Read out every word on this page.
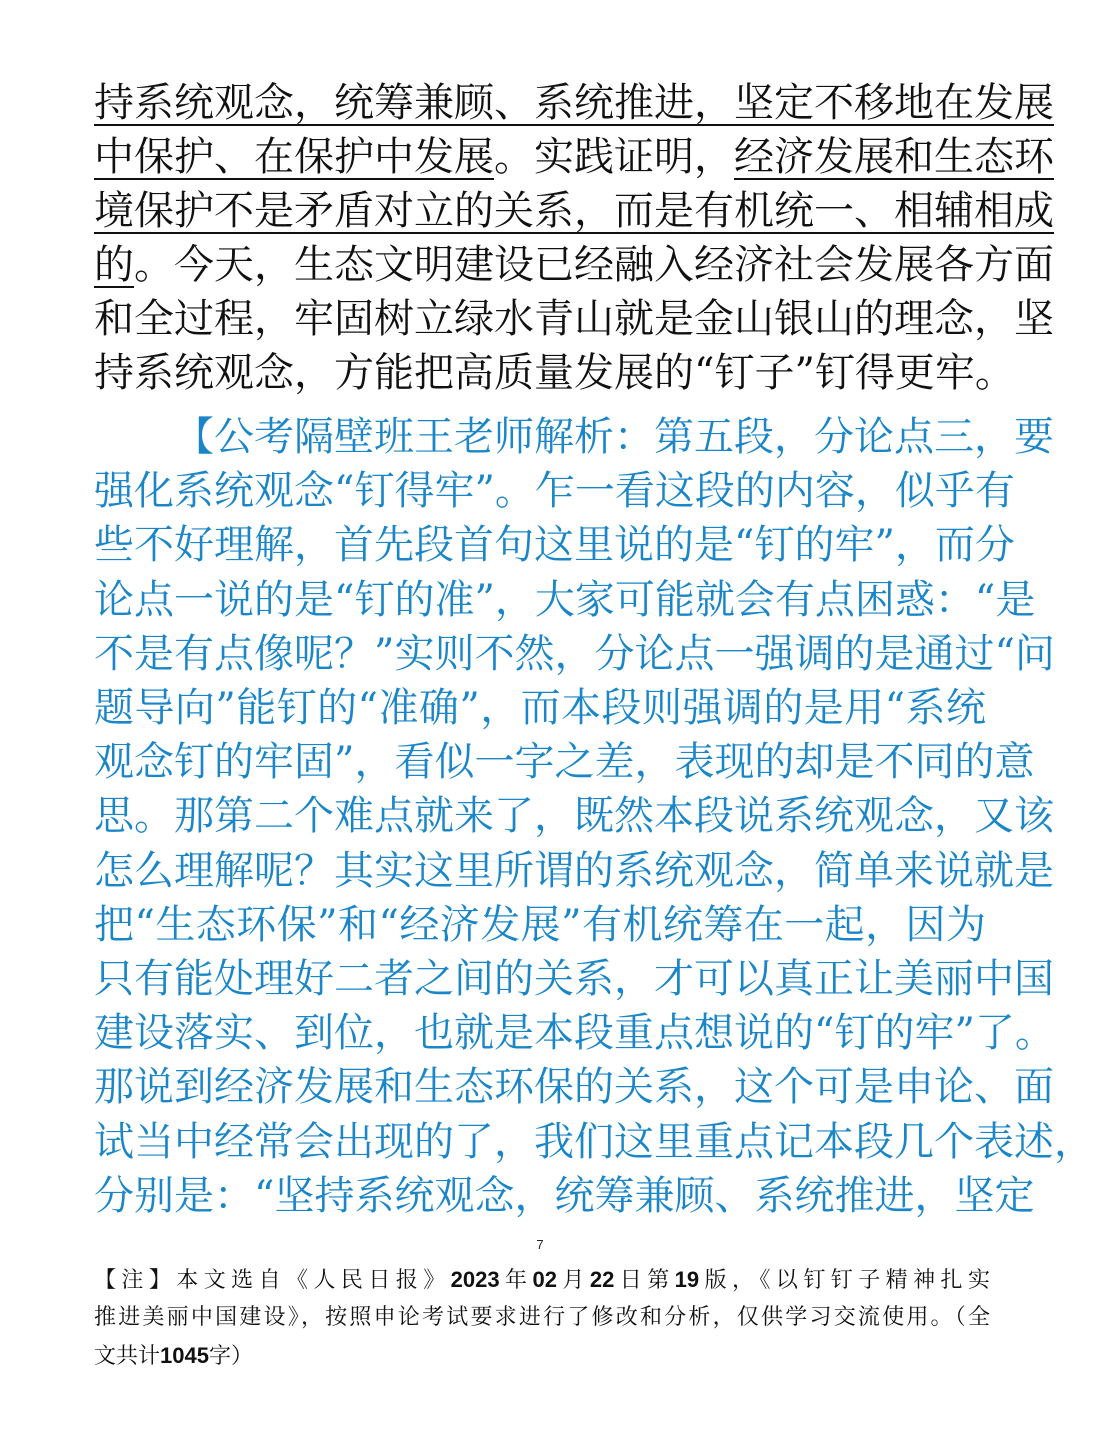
持系统观念，统筹兼顾、系统推进，坚定不移地在发展
中保护、在保护中发展。实践证明，经济发展和生态环
境保护不是矛盾对立的关系，而是有机统一、相辅相成
的。今天，生态文明建设已经融入经济社会发展各方面
和全过程，牢固树立绿水青山就是金山银山的理念，坚
持系统观念，方能把高质量发展的“钉子”钉得更牢。
【公考隔壁班王老师解析：第五段，分论点三，要
强化系统观念“钉得牢”。乍一看这段的内容，似乎有
些不好理解，首先段首句这里说的是“钉的牢”，而分
论点一说的是“钉的准”，大家可能就会有点困惑：“是
不是有点像呢？”实则不然，分论点一强调的是通过“问
题导向”能钉的“准确”，而本段则强调的是用“系统
观念钉的牢固”，看似一字之差，表现的却是不同的意
思。那第二个难点就来了，既然本段说系统观念，又该
怎么理解呢？其实这里所谓的系统观念，简单来说就是
把“生态环保”和“经济发展”有机统筹在一起，因为
只有能处理好二者之间的关系，才可以真正让美丽中国
建设落实、到位，也就是本段重点想说的“钉的牢”了。
那说到经济发展和生态环保的关系，这个可是申论、面
试当中经常会出现的了，我们这里重点记本段几个表述，
分别是：“坚持系统观念，统筹兼顾、系统推进，坚定
7
【注】本文选自《人民日报》2023年02月22日第19版，《以钉钉子精神扎实
推进美丽中国建设》，按照申论考试要求进行了修改和分析，仅供学习交流使用。（全
文共计1045字）
